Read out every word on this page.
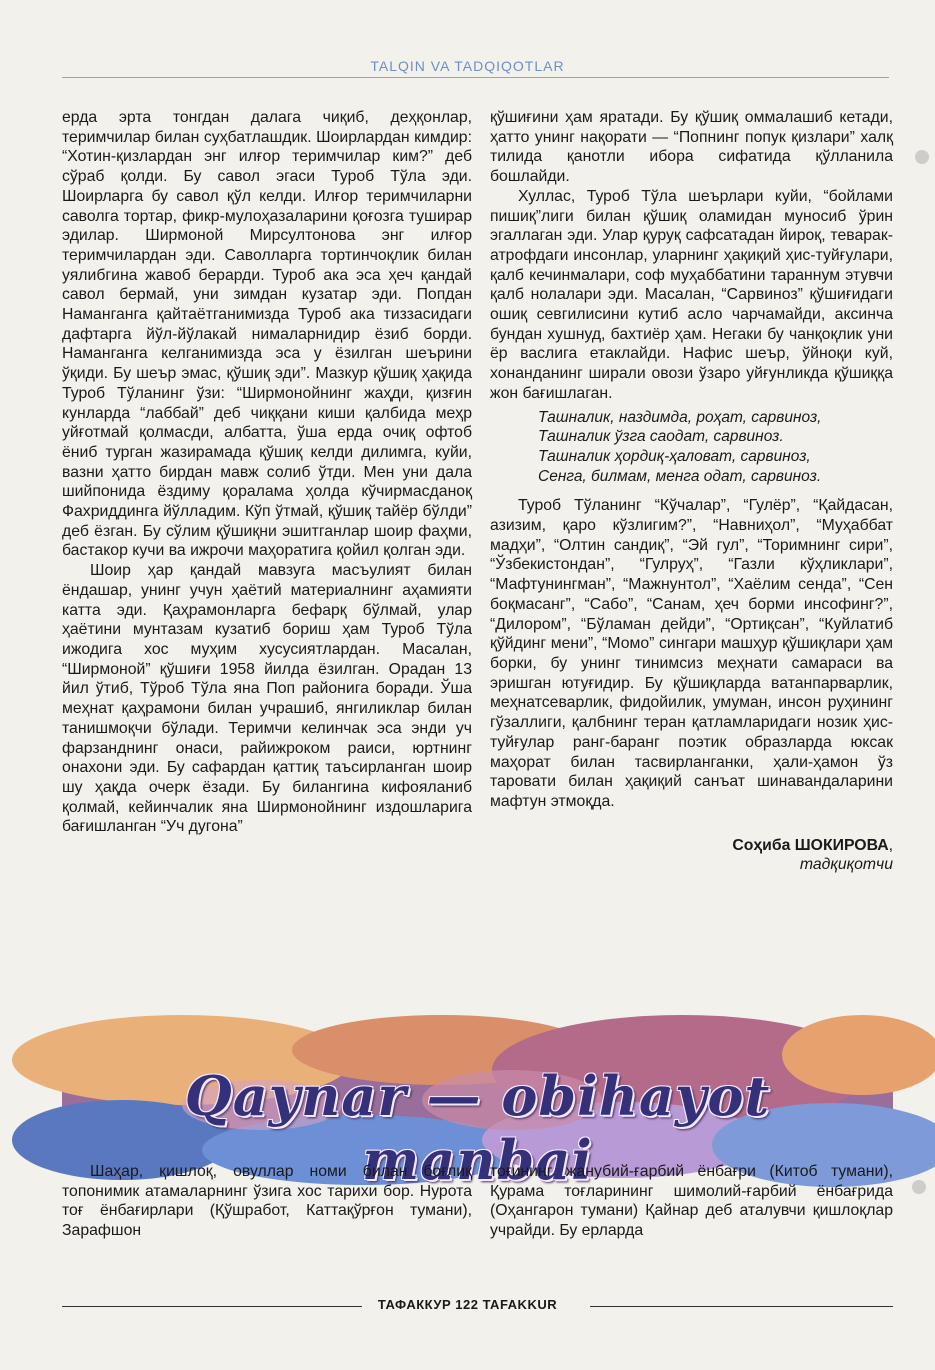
TALQIN VA TADQIQOTLAR

ерда эрта тонгдан далага чиқиб, деҳқонлар, теримчилар билан суҳбатлашдик. Шоирлардан кимдир: “Хотин-қизлардан энг илғор теримчилар ким?” деб сўраб қолди. Бу савол эгаси Туроб Тўла эди. Шоирларга бу савол қўл келди. Илғор теримчиларни саволга тортар, фикр-мулоҳазаларини қоғозга туширар эдилар. Ширмоной Мирсултонова энг илғор теримчилардан эди. Саволларга тортинчоқлик билан уялибгина жавоб берарди. Туроб ака эса ҳеч қандай савол бермай, уни зимдан кузатар эди. Попдан Наманганга қайтаётганимизда Туроб ака тиззасидаги дафтарга йўл-йўлакай нималарнидир ёзиб борди. Наманганга келганимизда эса у ёзилган шеърини ўқиди. Бу шеър эмас, қўшиқ эди”. Мазкур қўшиқ ҳақида Туроб Тўланинг ўзи: “Ширмонойнинг жаҳди, қизғин кунларда “лаббай” деб чиққани киши қалбида меҳр уйғотмай қолмасди, албатта, ўша ерда очиқ офтоб ёниб турган жазирамада қўшиқ келди дилимга, куйи, вазни ҳатто бирдан мавж солиб ўтди. Мен уни дала шийпонида ёздиму қоралама ҳолда кўчирмасданоқ Фахриддинга йўлладим. Кўп ўтмай, қўшиқ тайёр бўлди” деб ёзган. Бу сўлим қўшиқни эшитганлар шоир фаҳми, бастакор кучи ва ижрочи маҳоратига қойил қолган эди.

Шоир ҳар қандай мавзуга масъулият билан ёндашар, унинг учун ҳаётий материалнинг аҳамияти катта эди. Қаҳрамонларга бефарқ бўлмай, улар ҳаётини мунтазам кузатиб бориш ҳам Туроб Тўла ижодига хос муҳим хусусиятлардан. Масалан, “Ширмоной” қўшиғи 1958 йилда ёзилган. Орадан 13 йил ўтиб, Тўроб Тўла яна Поп районига боради. Ўша меҳнат қаҳрамони билан учрашиб, янгиликлар билан танишмоқчи бўлади. Теримчи келинчак эса энди уч фарзанднинг онаси, райижроком раиси, юртнинг онахони эди. Бу сафардан қаттиқ таъсирланган шоир шу ҳақда очерк ёзади. Бу билангина кифояланиб қолмай, кейинчалик яна Ширмонойнинг издошларига бағишланган “Уч дугона”

қўшиғини ҳам яратади. Бу қўшиқ оммалашиб кетади, ҳатто унинг нақорати — “Попнинг попук қизлари” халқ тилида қанотли ибора сифатида қўлланила бошлайди.

Хуллас, Туроб Тўла шеърлари куйи, “бойлами пишиқ”лиги билан қўшиқ оламидан муносиб ўрин эгаллаган эди. Улар қуруқ сафсатадан йироқ, теварак-атрофдаги инсонлар, уларнинг ҳақиқий ҳис-туйғулари, қалб кечинмалари, соф муҳаббатини тараннум этувчи қалб нолалари эди. Масалан, “Сарвиноз” қўшиғидаги ошиқ севгилисини кутиб асло чарчамайди, аксинча бундан хушнуд, бахтиёр ҳам. Негаки бу чанқоқлик уни ёр васлига етаклайди. Нафис шеър, ўйноқи куй, хонанданинг ширали овози ўзаро уйғунликда қўшиққа жон бағишлаган.

Ташналик, наздимда, роҳат, сарвиноз,
Ташналик ўзга саодат, сарвиноз.
Ташналик ҳордиқ-ҳаловат, сарвиноз,
Сенга, билмам, менга одат, сарвиноз.

Туроб Тўланинг “Кўчалар”, “Гулёр”, “Қайдасан, азизим, қаро кўзлигим?”, “Навниҳол”, “Муҳаббат мадҳи”, “Олтин сандиқ”, “Эй гул”, “Торимнинг сири”, “Ўзбекистондан”, “Гулруҳ”, “Газли кўҳликлари”, “Мафтунингман”, “Мажнунтол”, “Хаёлим сенда”, “Сен боқмасанг”, “Сабо”, “Санам, ҳеч борми инсофинг?”, “Дилором”, “Бўламан дейди”, “Ортиқсан”, “Куйлатиб қўйдинг мени”, “Момо” сингари машҳур қўшиқлари ҳам борки, бу унинг тинимсиз меҳнати самараси ва эришган ютуғидир. Бу қўшиқларда ватанпарварлик, меҳнатсеварлик, фидойилик, умуман, инсон руҳининг гўзаллиги, қалбнинг теран қатламларидаги нозик ҳис-туйғулар ранг-баранг поэтик образларда юксак маҳорат билан тасвирланганки, ҳали-ҳамон ўз таровати билан ҳақиқий санъат шинавандаларини мафтун этмоқда.

Соҳиба ШОКИРОВА,
тадқиқотчи
Qaynar — obihayot manbai

Шаҳар, қишлоқ, овуллар номи билан боғлиқ топонимик атамаларнинг ўзига хос тарихи бор. Нурота тоғ ёнбағирлари (Қўшработ, Каттақўрғон тумани), Зарафшон

тоғининг жанубий-ғарбий ёнбағри (Китоб тумани), Қурама тоғларининг шимолий-ғарбий ёнбағрида (Оҳангарон тумани) Қайнар деб аталувчи қишлоқлар учрайди. Бу ерларда

ТАФАККУР 122 TAFAKKUR
